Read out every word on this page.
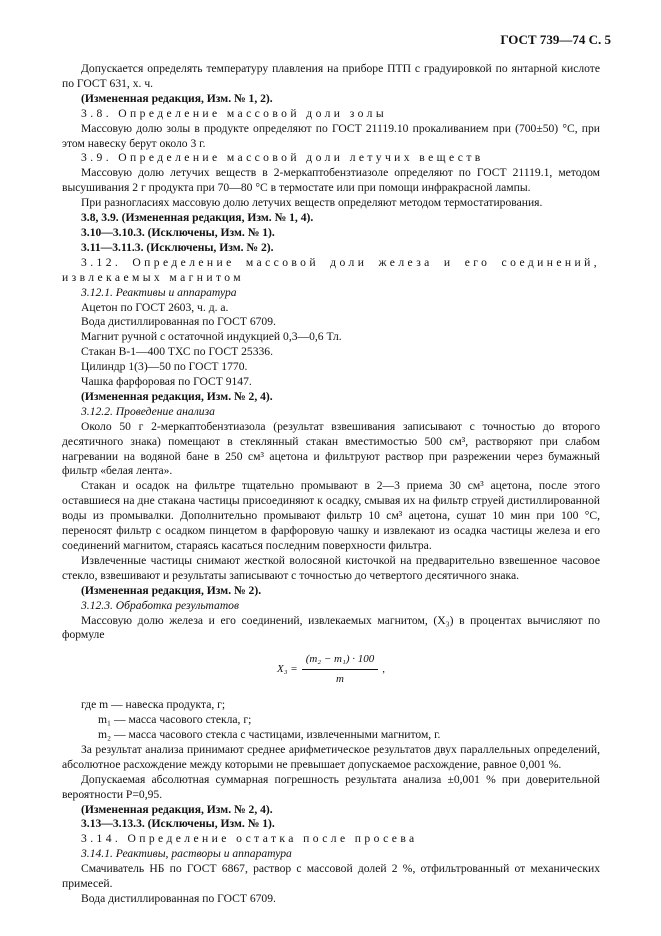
ГОСТ 739—74 С. 5

Допускается определять температуру плавления на приборе ПТП с градуировкой по янтарной кислоте по ГОСТ 631, х. ч.

(Измененная редакция, Изм. № 1, 2).

3.8. Определение массовой доли золы

Массовую долю золы в продукте определяют по ГОСТ 21119.10 прокаливанием при (700±50) °С, при этом навеску берут около 3 г.

3.9. Определение массовой доли летучих веществ

Массовую долю летучих веществ в 2-меркаптобензтиазоле определяют по ГОСТ 21119.1, методом высушивания 2 г продукта при 70—80 °С в термостате или при помощи инфракрасной лампы.

При разногласиях массовую долю летучих веществ определяют методом термостатирования.

3.8, 3.9. (Измененная редакция, Изм. № 1, 4).

3.10—3.10.3. (Исключены, Изм. № 1).

3.11—3.11.3. (Исключены, Изм. № 2).

3.12. Определение массовой доли железа и его соединений,

извлекаемых магнитом

3.12.1. Реактивы и аппаратура

Ацетон по ГОСТ 2603, ч. д. а.

Вода дистиллированная по ГОСТ 6709.

Магнит ручной с остаточной индукцией 0,3—0,6 Тл.

Стакан В-1—400 ТХС по ГОСТ 25336.

Цилиндр 1(3)—50 по ГОСТ 1770.

Чашка фарфоровая по ГОСТ 9147.

(Измененная редакция, Изм. № 2, 4).

3.12.2. Проведение анализа

Около 50 г 2-меркаптобензтиазола (результат взвешивания записывают с точностью до второго десятичного знака) помещают в стеклянный стакан вместимостью 500 см³, растворяют при слабом нагревании на водяной бане в 250 см³ ацетона и фильтруют раствор при разрежении через бумажный фильтр «белая лента».

Стакан и осадок на фильтре тщательно промывают в 2—3 приема 30 см³ ацетона, после этого оставшиеся на дне стакана частицы присоединяют к осадку, смывая их на фильтр струей дистиллированной воды из промывалки. Дополнительно промывают фильтр 10 см³ ацетона, сушат 10 мин при 100 °С, переносят фильтр с осадком пинцетом в фарфоровую чашку и извлекают из осадка частицы железа и его соединений магнитом, стараясь касаться последним поверхности фильтра.

Извлеченные частицы снимают жесткой волосяной кисточкой на предварительно взвешенное часовое стекло, взвешивают и результаты записывают с точностью до четвертого десятичного знака.

(Измененная редакция, Изм. № 2).

3.12.3. Обработка результатов

Массовую долю железа и его соединений, извлекаемых магнитом, (X₃) в процентах вычисляют по формуле

$X_3 = \frac{\text{(m₂ − m₁) · 100}}{m}$ ,

где m — навеска продукта, г;

m₁ — масса часового стекла, г;

m₂ — масса часового стекла с частицами, извлеченными магнитом, г.

За результат анализа принимают среднее арифметическое результатов двух параллельных определений, абсолютное расхождение между которыми не превышает допускаемое расхождение, равное 0,001 %.

Допускаемая абсолютная суммарная погрешность результата анализа ±0,001 % при доверительной вероятности P=0,95.

(Измененная редакция, Изм. № 2, 4).

3.13—3.13.3. (Исключены, Изм. № 1).

3.14. Определение остатка после просева

3.14.1. Реактивы, растворы и аппаратура

Смачиватель НБ по ГОСТ 6867, раствор с массовой долей 2 %, отфильтрованный от механических примесей.

Вода дистиллированная по ГОСТ 6709.
